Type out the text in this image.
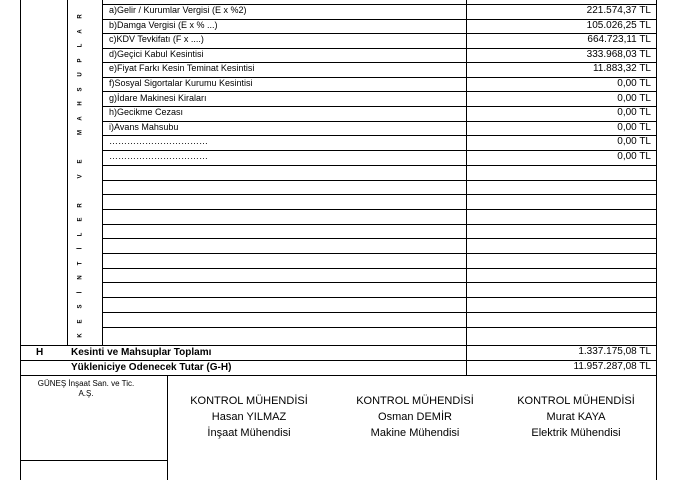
K
E
S
İ
N
T
İ
L
E
R
V
E
M
A
H
S
U
P
L
A
R
a)Gelir / Kurumlar Vergisi (E x %2)	221.574,37 TL
b)Damga Vergisi (E x % ...)	105.026,25 TL
c)KDV Tevkifatı (F x ....)	664.723,11 TL
d)Geçici Kabul Kesintisi	333.968,03 TL
e)Fiyat Farkı Kesin Teminat Kesintisi	11.883,32 TL
f)Sosyal Sigortalar Kurumu Kesintisi	0,00 TL
g)İdare Makinesi Kiraları	0,00 TL
h)Gecikme Cezası	0,00 TL
i)Avans Mahsubu	0,00 TL
……………………………	0,00 TL
……………………………	0,00 TL
H	Kesinti ve Mahsuplar Toplamı	1.337.175,08 TL
Yükleniciye Odenecek Tutar (G-H)	11.957.287,08 TL
GÜNEŞ İnşaat San. ve Tic.
A.Ş.
KONTROL MÜHENDİSİ
Hasan YILMAZ
İnşaat Mühendisi
KONTROL MÜHENDİSİ
Osman DEMİR
Makine Mühendisi
KONTROL MÜHENDİSİ
Murat KAYA
Elektrik Mühendisi
